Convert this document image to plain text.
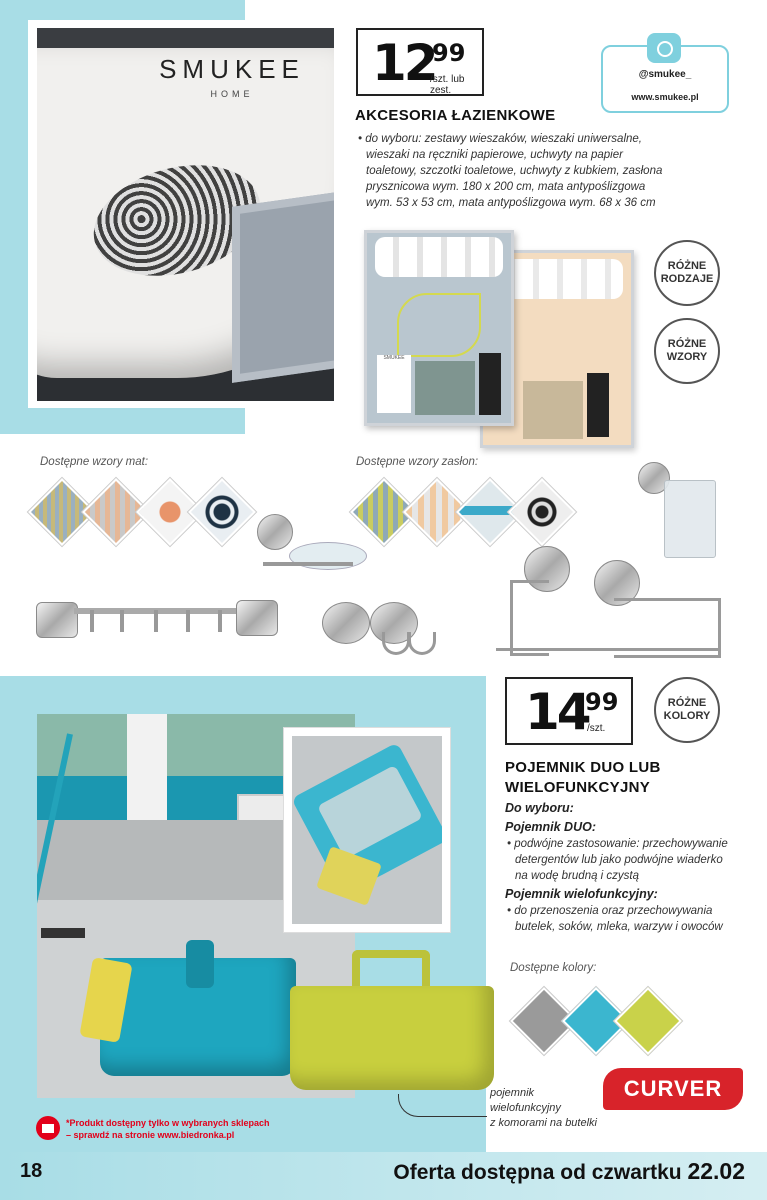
SMUKEE
HOME
12
99
/szt. lub zest.
@smukee_
www.smukee.pl
AKCESORIA ŁAZIENKOWE
• do wyboru: zestawy wieszaków, wieszaki uniwersalne,
wieszaki na ręczniki papierowe, uchwyty na papier
toaletowy, szczotki toaletowe, uchwyty z kubkiem, zasłona
prysznicowa wym. 180 x 200 cm, mata antypoślizgowa
wym. 53 x 53 cm, mata antypoślizgowa wym. 68 x 36 cm
SMUKEE
RÓŻNE
RODZAJE
RÓŻNE
WZORY
Dostępne wzory mat:	Dostępne wzory zasłon:
14
99
/szt.
RÓŻNE
KOLORY
POJEMNIK DUO LUB
WIELOFUNKCYJNY
Do wyboru:
Pojemnik DUO:
• podwójne zastosowanie: przechowywanie
detergentów lub jako podwójne wiaderko
na wodę brudną i czystą
Pojemnik wielofunkcyjny:
• do przenoszenia oraz przechowywania
butelek, soków, mleka, warzyw i owoców
Dostępne kolory:
CURVER
pojemnik
wielofunkcyjny
z komorami na butelki
*Produkt dostępny tylko w wybranych sklepach
– sprawdź na stronie www.biedronka.pl
18	Oferta dostępna od czwartku 22.02
